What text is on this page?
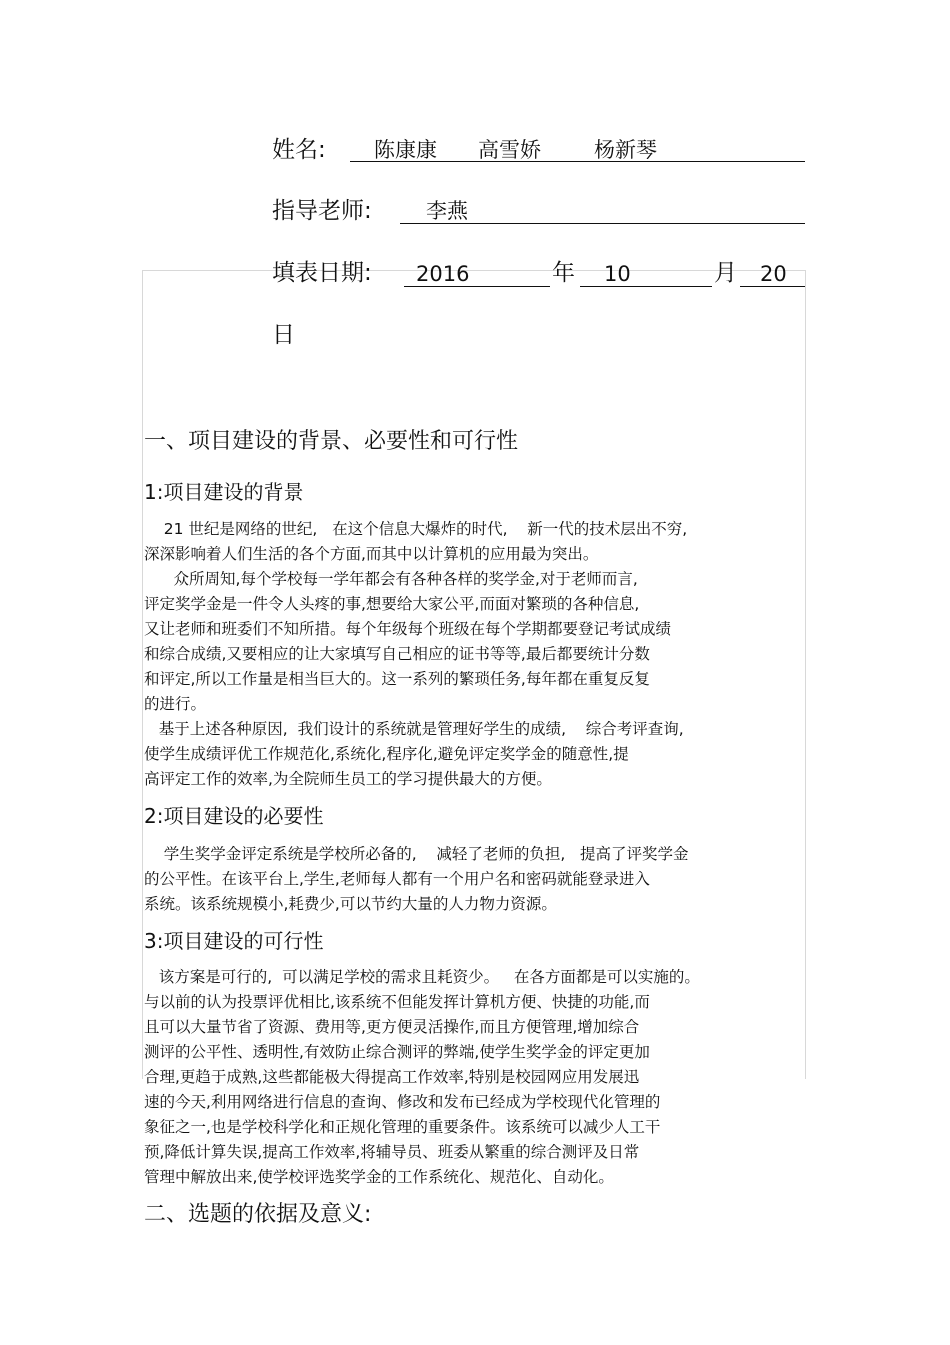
姓名: 陈康康 高雪娇	杨新琴
指导老师:	李燕
填表日期: 2016	年 10	月 20
日
一、项目建设的背景、必要性和可行性
1:项目建设的背景
21 世纪是网络的世纪,   在这个信息大爆炸的时代,    新一代的技术层出不穷,
深深影响着人们生活的各个方面,而其中以计算机的应用最为突出。
众所周知,每个学校每一学年都会有各种各样的奖学金,对于老师而言,
评定奖学金是一件令人头疼的事,想要给大家公平,而面对繁琐的各种信息,
又让老师和班委们不知所措。每个年级每个班级在每个学期都要登记考试成绩
和综合成绩,又要相应的让大家填写自己相应的证书等等,最后都要统计分数
和评定,所以工作量是相当巨大的。这一系列的繁琐任务,每年都在重复反复
的进行。
基于上述各种原因,  我们设计的系统就是管理好学生的成绩,    综合考评查询,
使学生成绩评优工作规范化,系统化,程序化,避免评定奖学金的随意性,提
高评定工作的效率,为全院师生员工的学习提供最大的方便。
2:项目建设的必要性
学生奖学金评定系统是学校所必备的,    减轻了老师的负担,   提高了评奖学金
的公平性。在该平台上,学生,老师每人都有一个用户名和密码就能登录进入
系统。该系统规模小,耗费少,可以节约大量的人力物力资源。
3:项目建设的可行性
该方案是可行的,  可以满足学校的需求且耗资少。   在各方面都是可以实施的。
与以前的认为投票评优相比,该系统不但能发挥计算机方便、快捷的功能,而
且可以大量节省了资源、费用等,更方便灵活操作,而且方便管理,增加综合
测评的公平性、透明性,有效防止综合测评的弊端,使学生奖学金的评定更加
合理,更趋于成熟,这些都能极大得提高工作效率,特别是校园网应用发展迅
速的今天,利用网络进行信息的查询、修改和发布已经成为学校现代化管理的
象征之一,也是学校科学化和正规化管理的重要条件。该系统可以减少人工干
预,降低计算失误,提高工作效率,将辅导员、班委从繁重的综合测评及日常
管理中解放出来,使学校评选奖学金的工作系统化、规范化、自动化。
二、选题的依据及意义:
